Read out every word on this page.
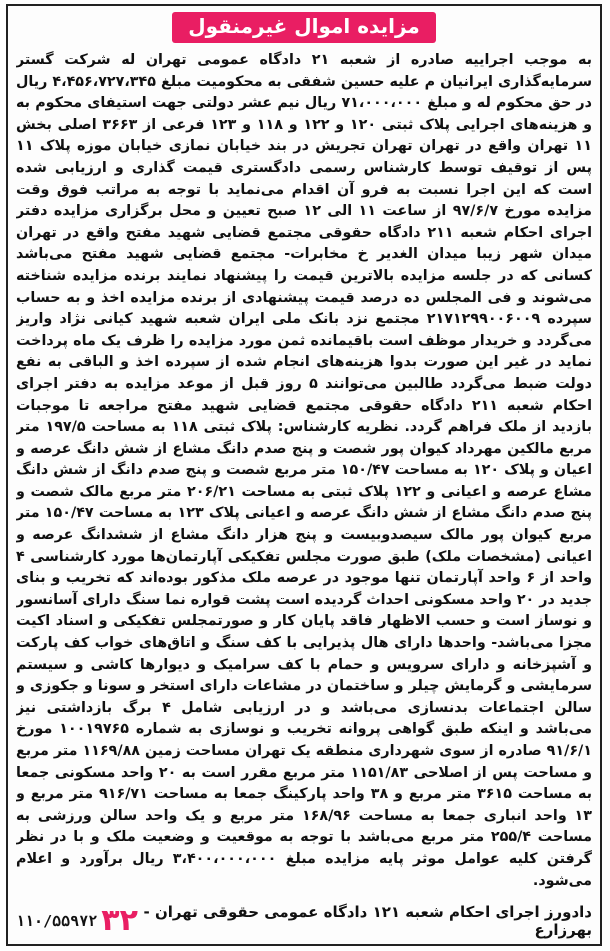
مزایده اموال غیرمنقول
به موجب اجراییه صادره از شعبه ۲۱ دادگاه عمومی تهران له شرکت گستر سرمایه‌گذاری ایرانیان م علیه حسین شفقی به محکومیت مبلغ ۴،۴۵۶،۷۲۷،۳۴۵ ریال در حق محکوم له و مبلغ ۷۱،۰۰۰،۰۰۰ ریال نیم عشر دولتی جهت استیفای محکوم به و هزینه‌های اجرایی پلاک ثبتی ۱۲۰ و ۱۲۲ و ۱۱۸ و ۱۲۳ فرعی از ۳۶۶۳ اصلی بخش ۱۱ تهران واقع در تهران تهران تجریش در بند خیابان نمازی خیابان موزه پلاک ۱۱ پس از توقیف توسط کارشناس رسمی دادگستری قیمت گذاری و ارزیابی شده است که این اجرا نسبت به فرو آن اقدام می‌نماید با توجه به مراتب فوق وقت مزایده مورخ ۹۷/۶/۷ از ساعت ۱۱ الی ۱۲ صبح تعیین و محل برگزاری مزایده دفتر اجرای احکام شعبه ۲۱۱ دادگاه حقوقی مجتمع قضایی شهید مفتح واقع در تهران میدان شهر زیبا میدان الغدیر خ مخابرات- مجتمع قضایی شهید مفتح می‌باشد کسانی که در جلسه مزایده بالاترین قیمت را پیشنهاد نمایند برنده مزایده شناخته می‌شوند و فی المجلس ده درصد قیمت پیشنهادی از برنده مزایده اخذ و به حساب سپرده ۲۱۷۱۲۹۹۰۰۶۰۰۹ مجتمع نزد بانک ملی ایران شعبه شهید کیانی نژاد واریز می‌گردد و خریدار موظف است باقیمانده ثمن مورد مزایده را ظرف یک ماه پرداخت نماید در غیر این صورت بدوا هزینه‌های انجام شده از سپرده اخذ و الباقی به نفع دولت ضبط می‌گردد طالبین می‌توانند ۵ روز قبل از موعد مزایده به دفتر اجرای احکام شعبه ۲۱۱ دادگاه حقوقی مجتمع قضایی شهید مفتح مراجعه تا موجبات بازدید از ملک فراهم گردد. نظریه کارشناس: پلاک ثبتی ۱۱۸ به مساحت ۱۹۷/۵ متر مربع مالکین مهرداد کیوان پور شصت و پنج صدم دانگ مشاع از شش دانگ عرصه و اعیان و پلاک ۱۲۰ به مساحت ۱۵۰/۴۷ متر مربع شصت و پنج صدم دانگ از شش دانگ مشاع عرصه و اعیانی و ۱۲۲ پلاک ثبتی به مساحت ۲۰۶/۲۱ متر مربع مالک شصت و پنج صدم دانگ مشاع از شش دانگ عرصه و اعیانی پلاک ۱۲۳ به مساحت ۱۵۰/۴۷ متر مربع کیوان پور مالک سیصدوبیست و پنج هزار دانگ مشاع از ششدانگ عرصه و اعیانی (مشخصات ملک) طبق صورت مجلس تفکیکی آپارتمان‌ها مورد کارشناسی ۴ واحد از ۶ واحد آپارتمان تنها موجود در عرصه ملک مذکور بوده‌اند که تخریب و بنای جدید در ۲۰ واحد مسکونی احداث گردیده است پشت قواره نما سنگ دارای آسانسور و نوساز است و حسب الاظهار فاقد پایان کار و صورتمجلس تفکیکی و اسناد اکیت مجزا می‌باشد- واحدها دارای هال پذیرایی با کف سنگ و اتاق‌های خواب کف پارکت و آشپزخانه و دارای سرویس و حمام با کف سرامیک و دیوارها کاشی و سیستم سرمایشی و گرمایش چیلر و ساختمان در مشاعات دارای استخر و سونا و جکوزی و سالن اجتماعات بدنسازی می‌باشد و در ارزیابی شامل ۴ برگ بازداشتی نیز می‌باشد و اینکه طبق گواهی پروانه تخریب و نوسازی به شماره ۱۰۰۱۹۷۶۵ مورخ ۹۱/۶/۱ صادره از سوی شهرداری منطقه یک تهران مساحت زمین ۱۱۶۹/۸۸ متر مربع و مساحت پس از اصلاحی ۱۱۵۱/۸۳ متر مربع مقرر است به ۲۰ واحد مسکونی جمعا به مساحت ۳۶۱۵ متر مربع و ۳۸ واحد پارکینگ جمعا به مساحت ۹۱۶/۷۱ متر مربع و ۱۳ واحد انباری جمعا به مساحت ۱۶۸/۹۶ متر مربع و یک واحد سالن ورزشی به مساحت ۲۵۵/۴ متر مربع می‌باشد با توجه به موقعیت و وضعیت ملک و با در نظر گرفتن کلیه عوامل موثر پایه مزایده مبلغ ۳،۴۰۰،۰۰۰،۰۰۰ ریال برآورد و اعلام می‌شود.
دادورز اجرای احکام شعبه ۱۲۱ دادگاه عمومی حقوقی تهران - بهرزارع
۱۱۰/۵۵۹۷۲ ۳۲
